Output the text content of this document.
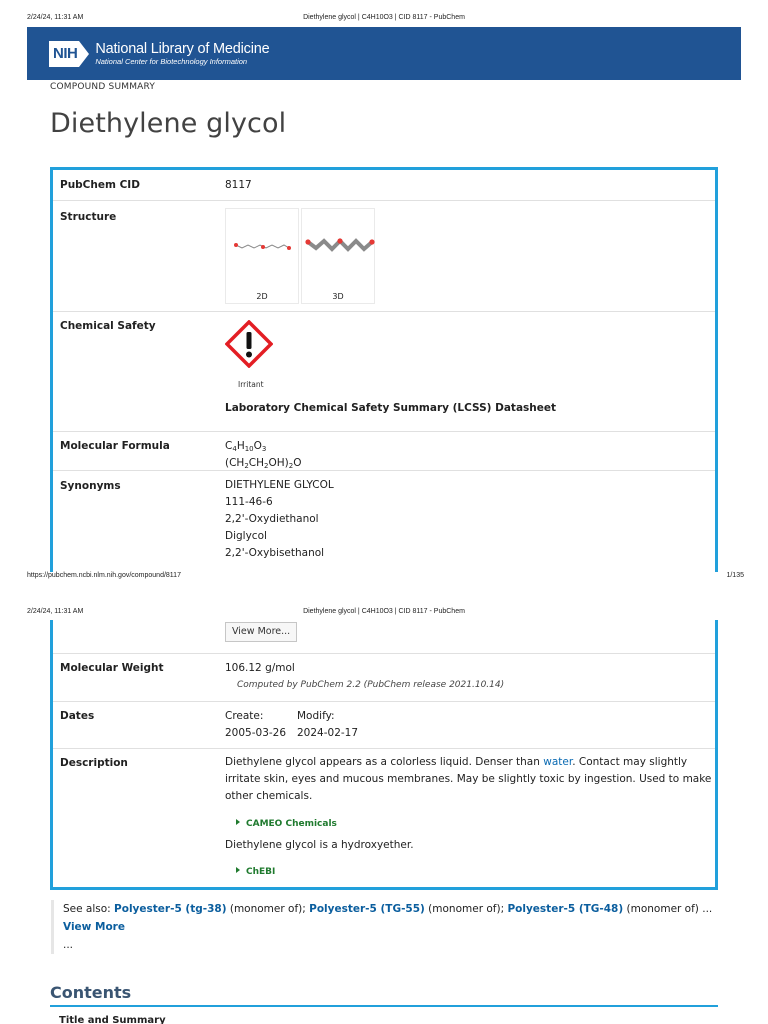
2/24/24, 11:31 AM	Diethylene glycol | C4H10O3 | CID 8117 - PubChem
NIH National Library of Medicine
National Center for Biotechnology Information
COMPOUND SUMMARY
Diethylene glycol
PubChem CID	8117
Structure
2D	3D
Chemical Safety
Irritant
Laboratory Chemical Safety Summary (LCSS) Datasheet
Molecular Formula	$C_4H_{10}O_3$
$(CH_2CH_2OH)_2O$
Synonyms	DIETHYLENE GLYCOL
111-46-6
2,2'-Oxydiethanol
Diglycol
2,2'-Oxybisethanol
https://pubchem.ncbi.nlm.nih.gov/compound/8117	1/135
2/24/24, 11:31 AM	Diethylene glycol | C4H10O3 | CID 8117 - PubChem
View More...
Molecular Weight	106.12 g/mol
Computed by PubChem 2.2 (PubChem release 2021.10.14)
Dates	Create:
2005-03-26
Modify:
2024-02-17
Description	Diethylene glycol appears as a colorless liquid. Denser than water. Contact may slightly irritate skin, eyes and mucous membranes. May be slightly toxic by ingestion. Used to make other chemicals.
CAMEO Chemicals
Diethylene glycol is a hydroxyether.
ChEBI
See also: Polyester-5 (tg-38) (monomer of); Polyester-5 (TG-55) (monomer of); Polyester-5 (TG-48) (monomer of) ... View More
...
Contents
Title and Summary
